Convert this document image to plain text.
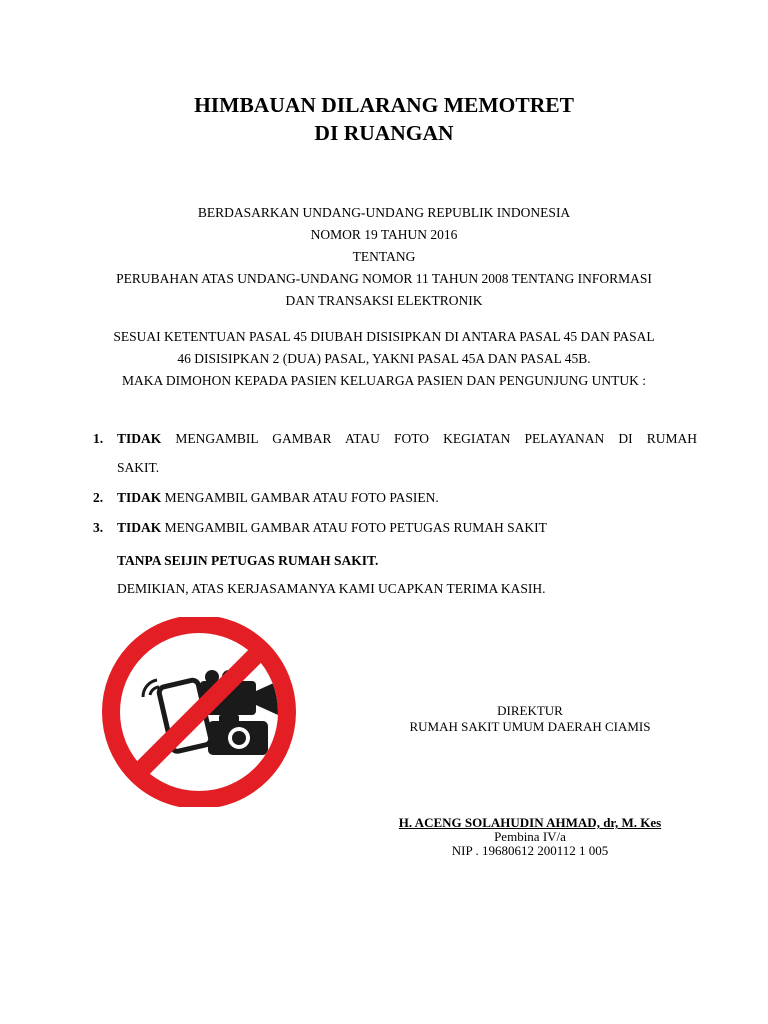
HIMBAUAN DILARANG MEMOTRET
DI RUANGAN
BERDASARKAN UNDANG-UNDANG REPUBLIK INDONESIA
NOMOR 19 TAHUN 2016
TENTANG
PERUBAHAN ATAS UNDANG-UNDANG NOMOR 11 TAHUN 2008 TENTANG INFORMASI
DAN TRANSAKSI ELEKTRONIK
SESUAI KETENTUAN PASAL 45 DIUBAH DISISIPKAN DI ANTARA PASAL 45 DAN PASAL
46 DISISIPKAN 2 (DUA) PASAL, YAKNI PASAL 45A DAN PASAL 45B.
MAKA DIMOHON KEPADA PASIEN KELUARGA PASIEN DAN PENGUNJUNG UNTUK :
1. TIDAK MENGAMBIL GAMBAR ATAU FOTO KEGIATAN PELAYANAN DI RUMAH
SAKIT.
2. TIDAK MENGAMBIL GAMBAR ATAU FOTO PASIEN.
3. TIDAK MENGAMBIL GAMBAR ATAU FOTO PETUGAS RUMAH SAKIT
TANPA SEIJIN PETUGAS RUMAH SAKIT.
DEMIKIAN, ATAS KERJASAMANYA KAMI UCAPKAN TERIMA KASIH.
DIREKTUR
RUMAH SAKIT UMUM DAERAH CIAMIS
H. ACENG SOLAHUDIN AHMAD, dr, M. Kes
Pembina IV/a
NIP . 19680612 200112 1 005
